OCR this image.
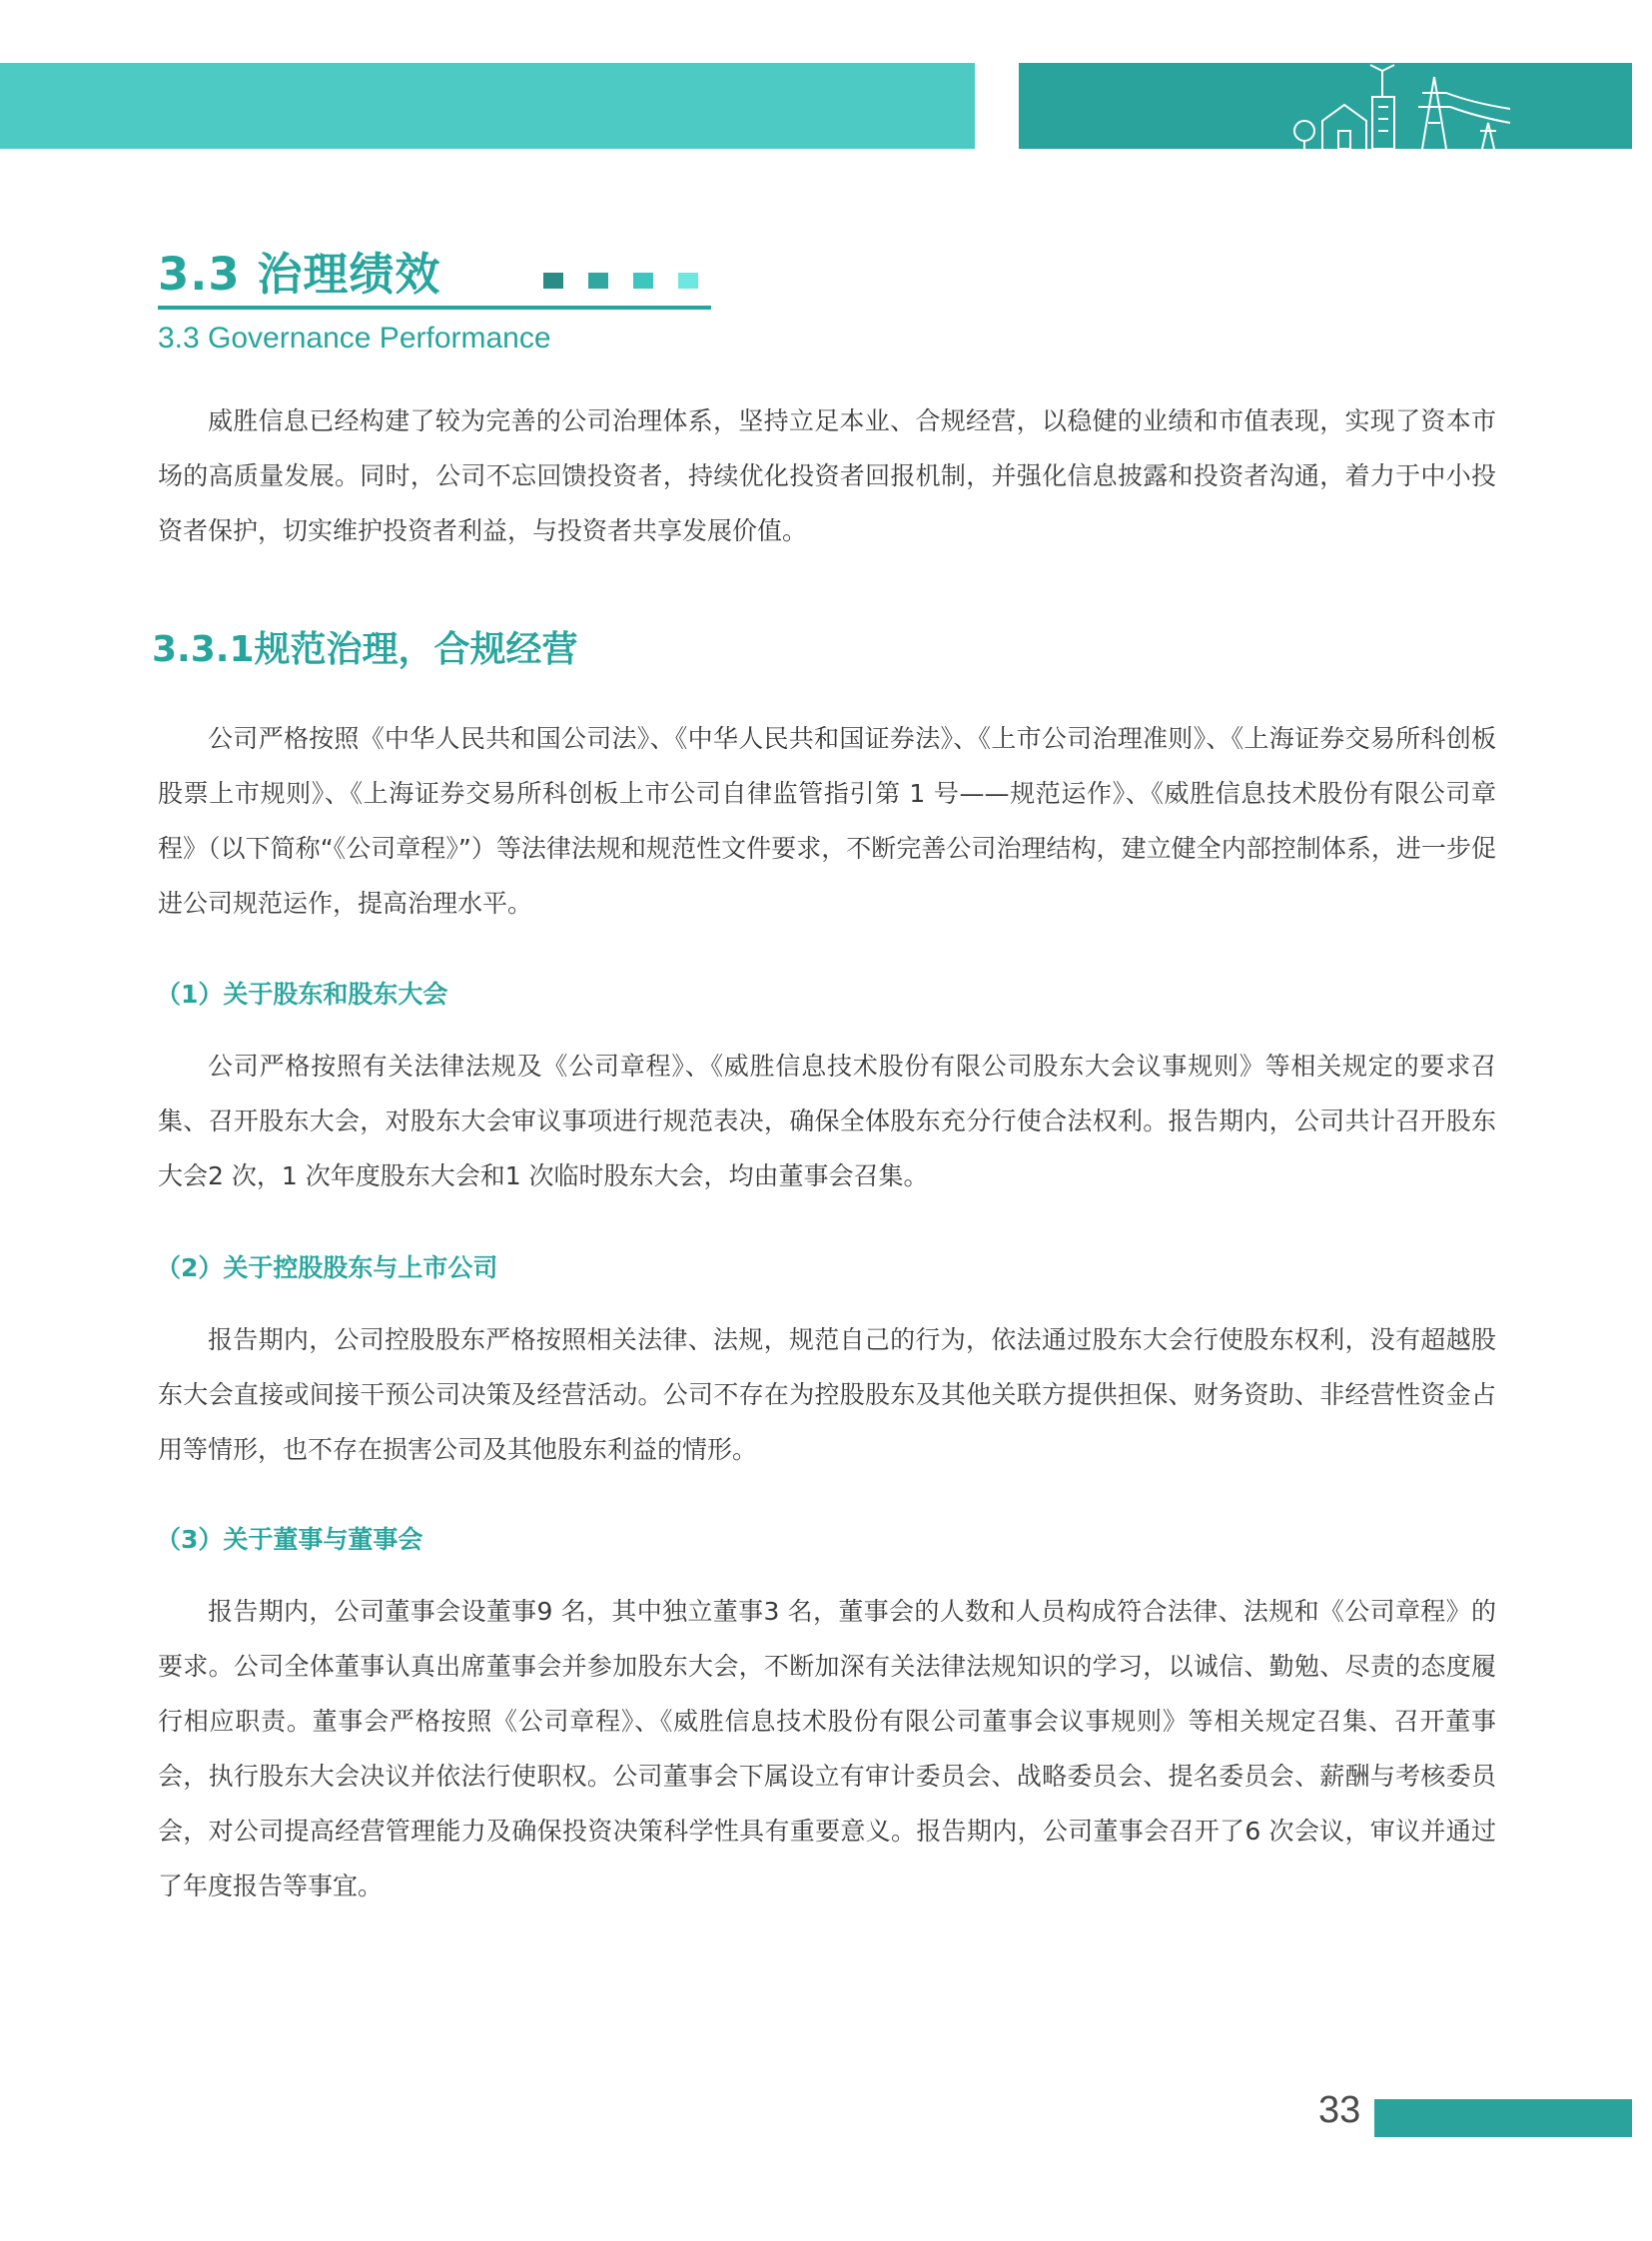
3.3 治理绩效

3.3 Governance Performance

威胜信息已经构建了较为完善的公司治理体系，坚持立足本业、合规经营，以稳健的业绩和市值表现，实现了资本市场的高质量发展。同时，公司不忘回馈投资者，持续优化投资者回报机制，并强化信息披露和投资者沟通，着力于中小投资者保护，切实维护投资者利益，与投资者共享发展价值。

3.3.1规范治理，合规经营

公司严格按照《中华人民共和国公司法》、《中华人民共和国证券法》、《上市公司治理准则》、《上海证券交易所科创板股票上市规则》、《上海证券交易所科创板上市公司自律监管指引第 1 号——规范运作》、《威胜信息技术股份有限公司章程》（以下简称“《公司章程》”）等法律法规和规范性文件要求，不断完善公司治理结构，建立健全内部控制体系，进一步促进公司规范运作，提高治理水平。

（1）关于股东和股东大会

公司严格按照有关法律法规及《公司章程》、《威胜信息技术股份有限公司股东大会议事规则》等相关规定的要求召集、召开股东大会，对股东大会审议事项进行规范表决，确保全体股东充分行使合法权利。报告期内，公司共计召开股东大会2 次，1 次年度股东大会和1 次临时股东大会，均由董事会召集。

（2）关于控股股东与上市公司

报告期内，公司控股股东严格按照相关法律、法规，规范自己的行为，依法通过股东大会行使股东权利，没有超越股东大会直接或间接干预公司决策及经营活动。公司不存在为控股股东及其他关联方提供担保、财务资助、非经营性资金占用等情形，也不存在损害公司及其他股东利益的情形。

（3）关于董事与董事会

报告期内，公司董事会设董事9 名，其中独立董事3 名，董事会的人数和人员构成符合法律、法规和《公司章程》的要求。公司全体董事认真出席董事会并参加股东大会，不断加深有关法律法规知识的学习，以诚信、勤勉、尽责的态度履行相应职责。董事会严格按照《公司章程》、《威胜信息技术股份有限公司董事会议事规则》等相关规定召集、召开董事会，执行股东大会决议并依法行使职权。公司董事会下属设立有审计委员会、战略委员会、提名委员会、薪酬与考核委员会，对公司提高经营管理能力及确保投资决策科学性具有重要意义。报告期内，公司董事会召开了6 次会议，审议并通过了年度报告等事宜。

33
